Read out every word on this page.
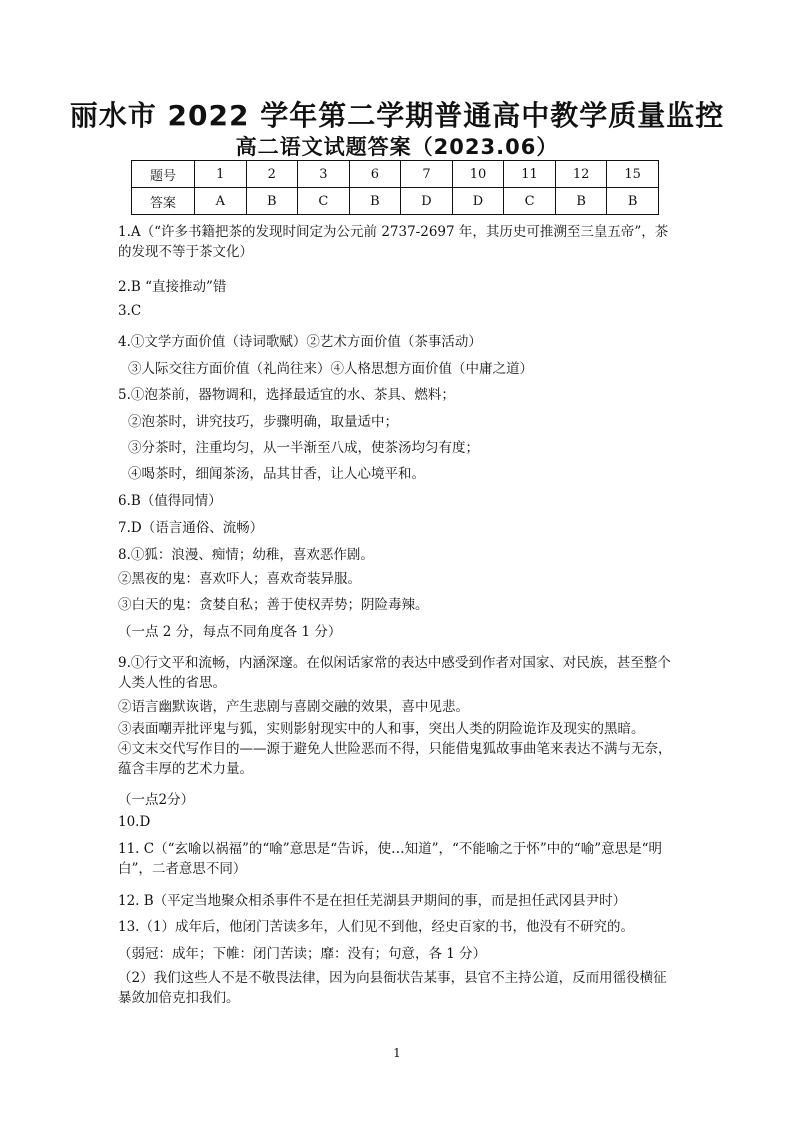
丽水市 2022 学年第二学期普通高中教学质量监控
高二语文试题答案（2023.06）
题号	1	2	3	6	7	10	11	12	15
答案	A	B	C	B	D	D	C	B	B
1.A（“许多书籍把茶的发现时间定为公元前 2737-2697 年，其历史可推溯至三皇五帝”，茶的发现不等于茶文化）
2.B “直接推动”错
3.C
4.①文学方面价值（诗词歌赋）②艺术方面价值（茶事活动）
③人际交往方面价值（礼尚往来）④人格思想方面价值（中庸之道）
5.①泡茶前，器物调和，选择最适宜的水、茶具、燃料；
②泡茶时，讲究技巧，步骤明确，取量适中；
③分茶时，注重均匀，从一半渐至八成，使茶汤均匀有度；
④喝茶时，细闻茶汤，品其甘香，让人心境平和。
6.B（值得同情）
7.D（语言通俗、流畅）
8.①狐：浪漫、痴情；幼稚，喜欢恶作剧。
②黑夜的鬼：喜欢吓人；喜欢奇装异服。
③白天的鬼：贪婪自私；善于使权弄势；阴险毒辣。
（一点 2 分，每点不同角度各 1 分）
9.①行文平和流畅，内涵深邃。在似闲话家常的表达中感受到作者对国家、对民族，甚至整个人类人性的省思。
②语言幽默诙谐，产生悲剧与喜剧交融的效果，喜中见悲。
③表面嘲弄批评鬼与狐，实则影射现实中的人和事，突出人类的阴险诡诈及现实的黑暗。
④文末交代写作目的——源于避免人世险恶而不得，只能借鬼狐故事曲笔来表达不满与无奈，蕴含丰厚的艺术力量。
（一点2分）
10.D
11. C（“玄喻以祸福”的“喻”意思是“告诉，使…知道”，“不能喻之于怀”中的“喻”意思是“明白”，二者意思不同）
12. B（平定当地聚众相杀事件不是在担任芜湖县尹期间的事，而是担任武冈县尹时）
13.（1）成年后，他闭门苦读多年，人们见不到他，经史百家的书，他没有不研究的。
（弱冠：成年；下帷：闭门苦读；靡：没有；句意，各 1 分）
（2）我们这些人不是不敬畏法律，因为向县衙状告某事，县官不主持公道，反而用徭役横征暴敛加倍克扣我们。
1
